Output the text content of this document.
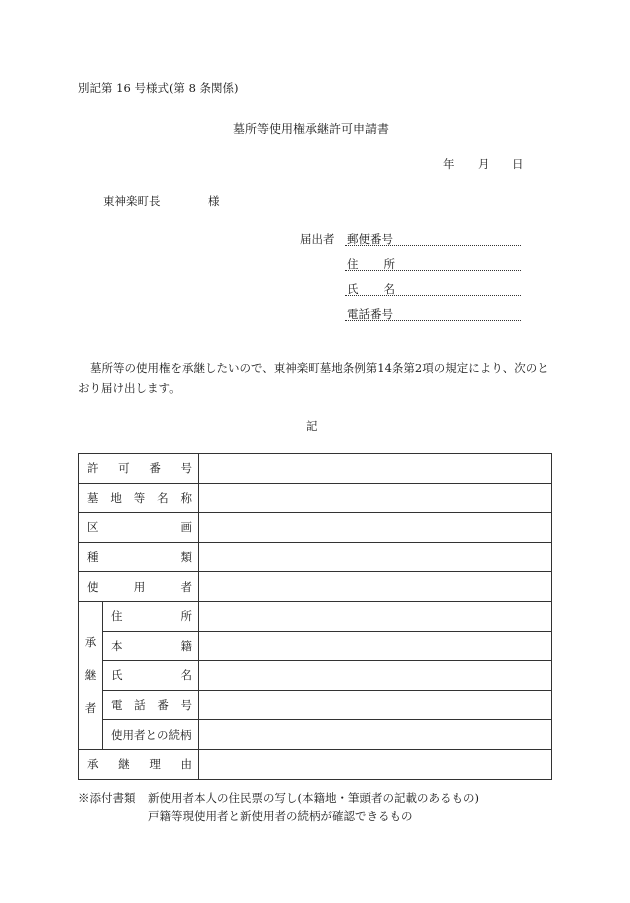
別記第 16 号様式(第 8 条関係)
墓所等使用権承継許可申請書
年 月 日
東神楽町長	様
届出者 郵便番号
住 所
氏 名
電話番号
墓所等の使用権を承継したいので、東神楽町墓地条例第14条第2項の規定により、次のと
おり届け出します。
記
許 可 番 号		

墓 地 等 名 称		

区 画		

種 類		

使 用 者		

承
継
者	住 所	

	本 籍	

	氏 名	

	電 話 番 号	

	使用者との続柄	

承 継 理 由		

※添付書類 新使用者本人の住民票の写し(本籍地・筆頭者の記載のあるもの)
戸籍等現使用者と新使用者の続柄が確認できるもの
